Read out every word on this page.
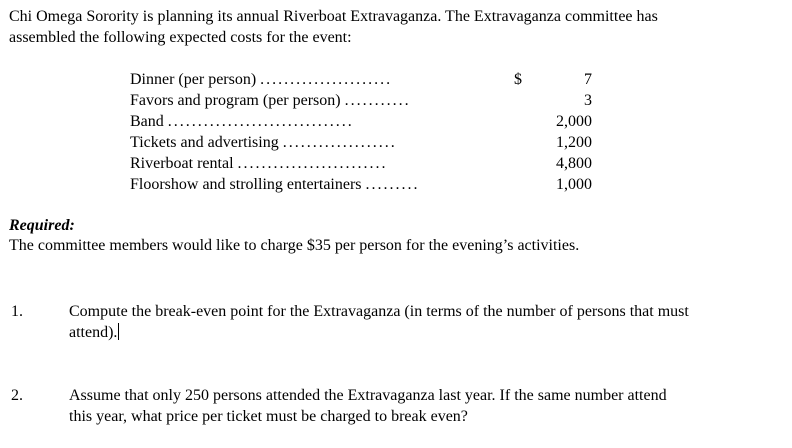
Chi Omega Sorority is planning its annual Riverboat Extravaganza. The Extravaganza committee has
assembled the following expected costs for the event:
Dinner (per person) ......................	$	7
Favors and program (per person) ...........	3
Band ...............................	2,000
Tickets and advertising ...................	1,200
Riverboat rental .........................	4,800
Floorshow and strolling entertainers .........	1,000
Required:
The committee members would like to charge $35 per person for the evening’s activities.
1.	Compute the break-even point for the Extravaganza (in terms of the number of persons that must
attend).
2.	Assume that only 250 persons attended the Extravaganza last year. If the same number attend
this year, what price per ticket must be charged to break even?
